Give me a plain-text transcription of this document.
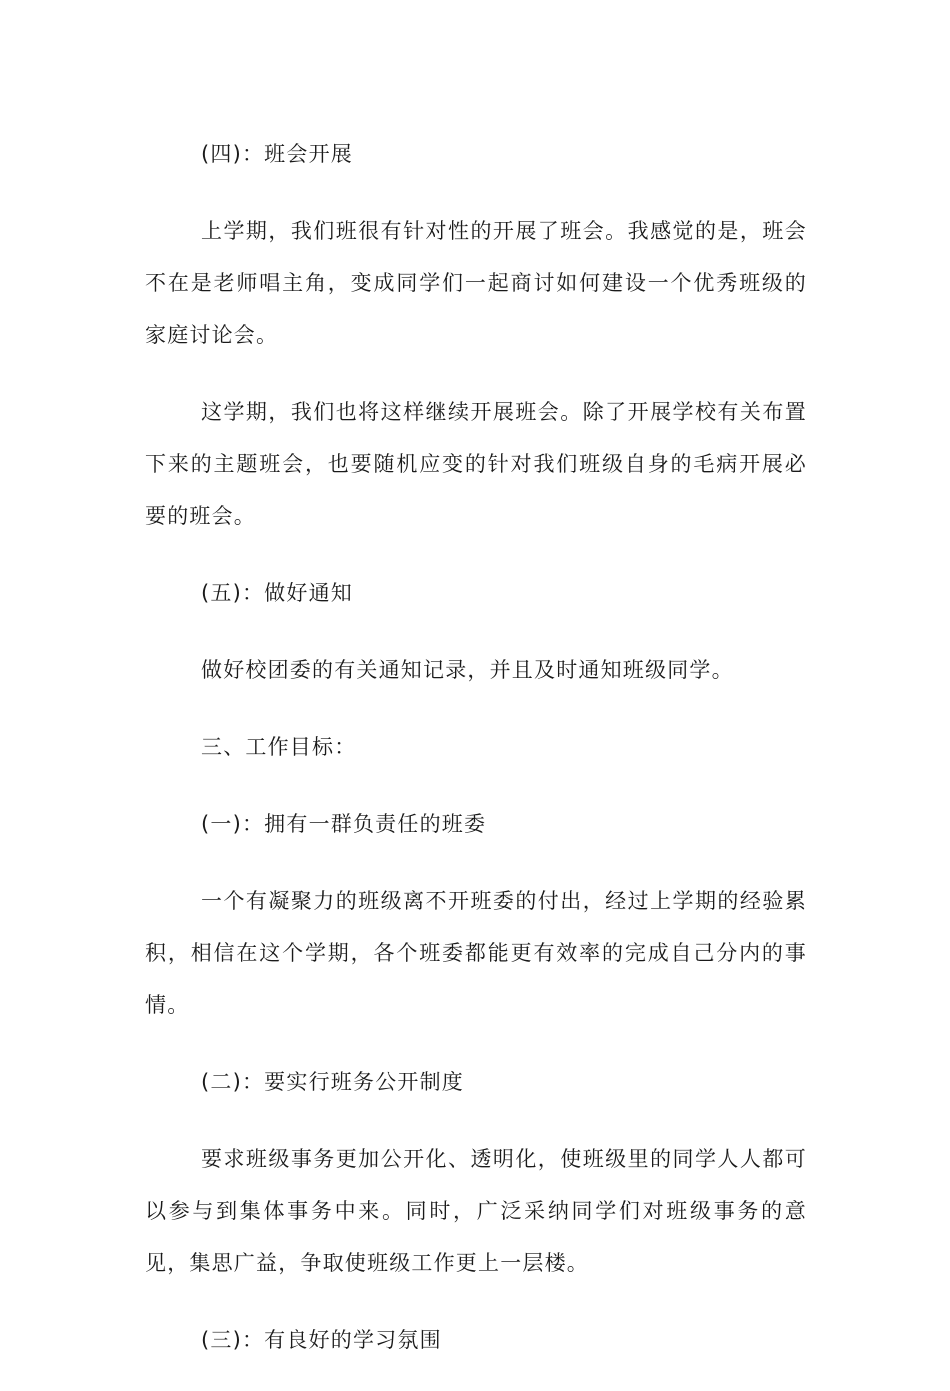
(四)：班会开展

上学期，我们班很有针对性的开展了班会。我感觉的是，班会不在是老师唱主角，变成同学们一起商讨如何建设一个优秀班级的家庭讨论会。

这学期，我们也将这样继续开展班会。除了开展学校有关布置下来的主题班会，也要随机应变的针对我们班级自身的毛病开展必要的班会。

(五)：做好通知

做好校团委的有关通知记录，并且及时通知班级同学。

三、工作目标：

(一)：拥有一群负责任的班委

一个有凝聚力的班级离不开班委的付出，经过上学期的经验累积，相信在这个学期，各个班委都能更有效率的完成自己分内的事情。

(二)：要实行班务公开制度

要求班级事务更加公开化、透明化，使班级里的同学人人都可以参与到集体事务中来。同时，广泛采纳同学们对班级事务的意见，集思广益，争取使班级工作更上一层楼。

(三)：有良好的学习氛围
